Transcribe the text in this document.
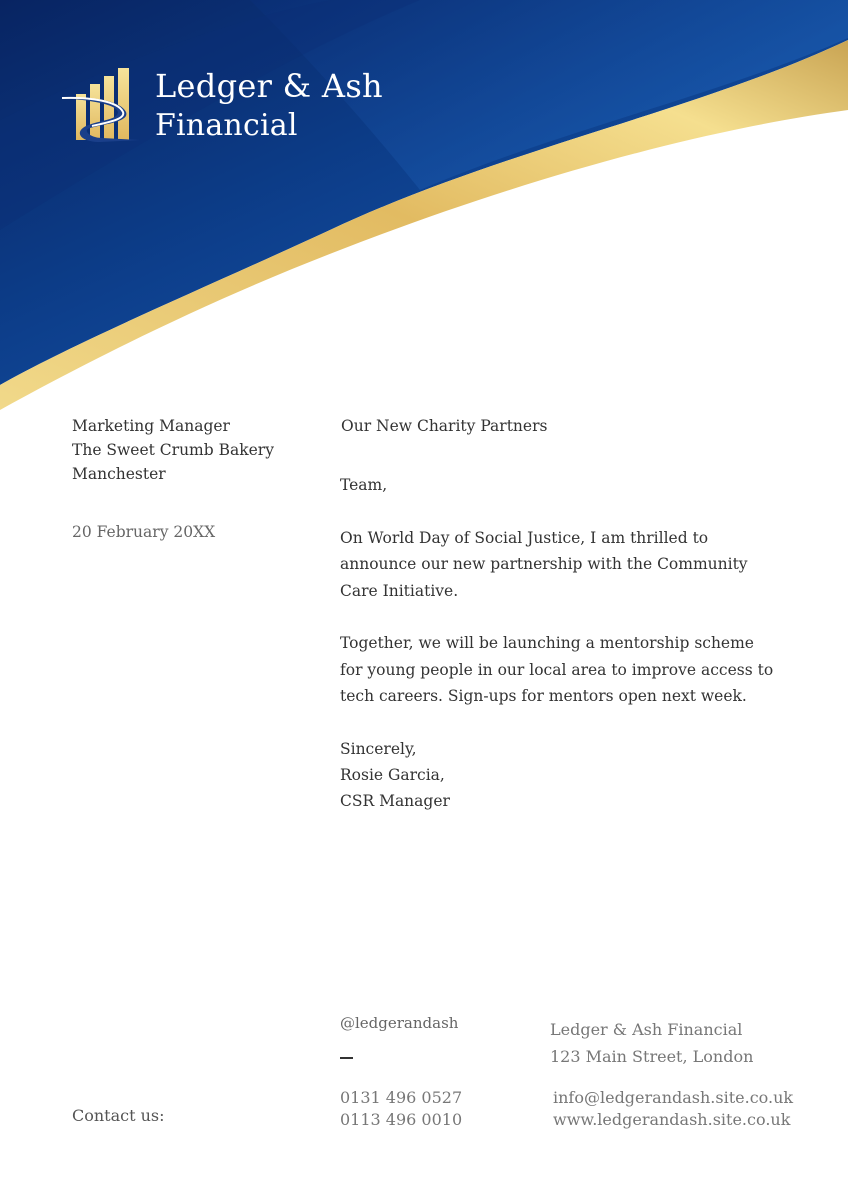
Ledger & Ash
Financial
Marketing Manager
The Sweet Crumb Bakery
Manchester
20 February 20XX
Our New Charity Partners

Team,

On World Day of Social Justice, I am thrilled to announce our new partnership with the Community Care Initiative.

Together, we will be launching a mentorship scheme for young people in our local area to improve access to tech careers. Sign-ups for mentors open next week.

Sincerely,
Rosie Garcia,
CSR Manager
Contact us:
@ledgerandash
0131 496 0527
0113 496 0010
Ledger & Ash Financial
123 Main Street, London
info@ledgerandash.site.co.uk
www.ledgerandash.site.co.uk
